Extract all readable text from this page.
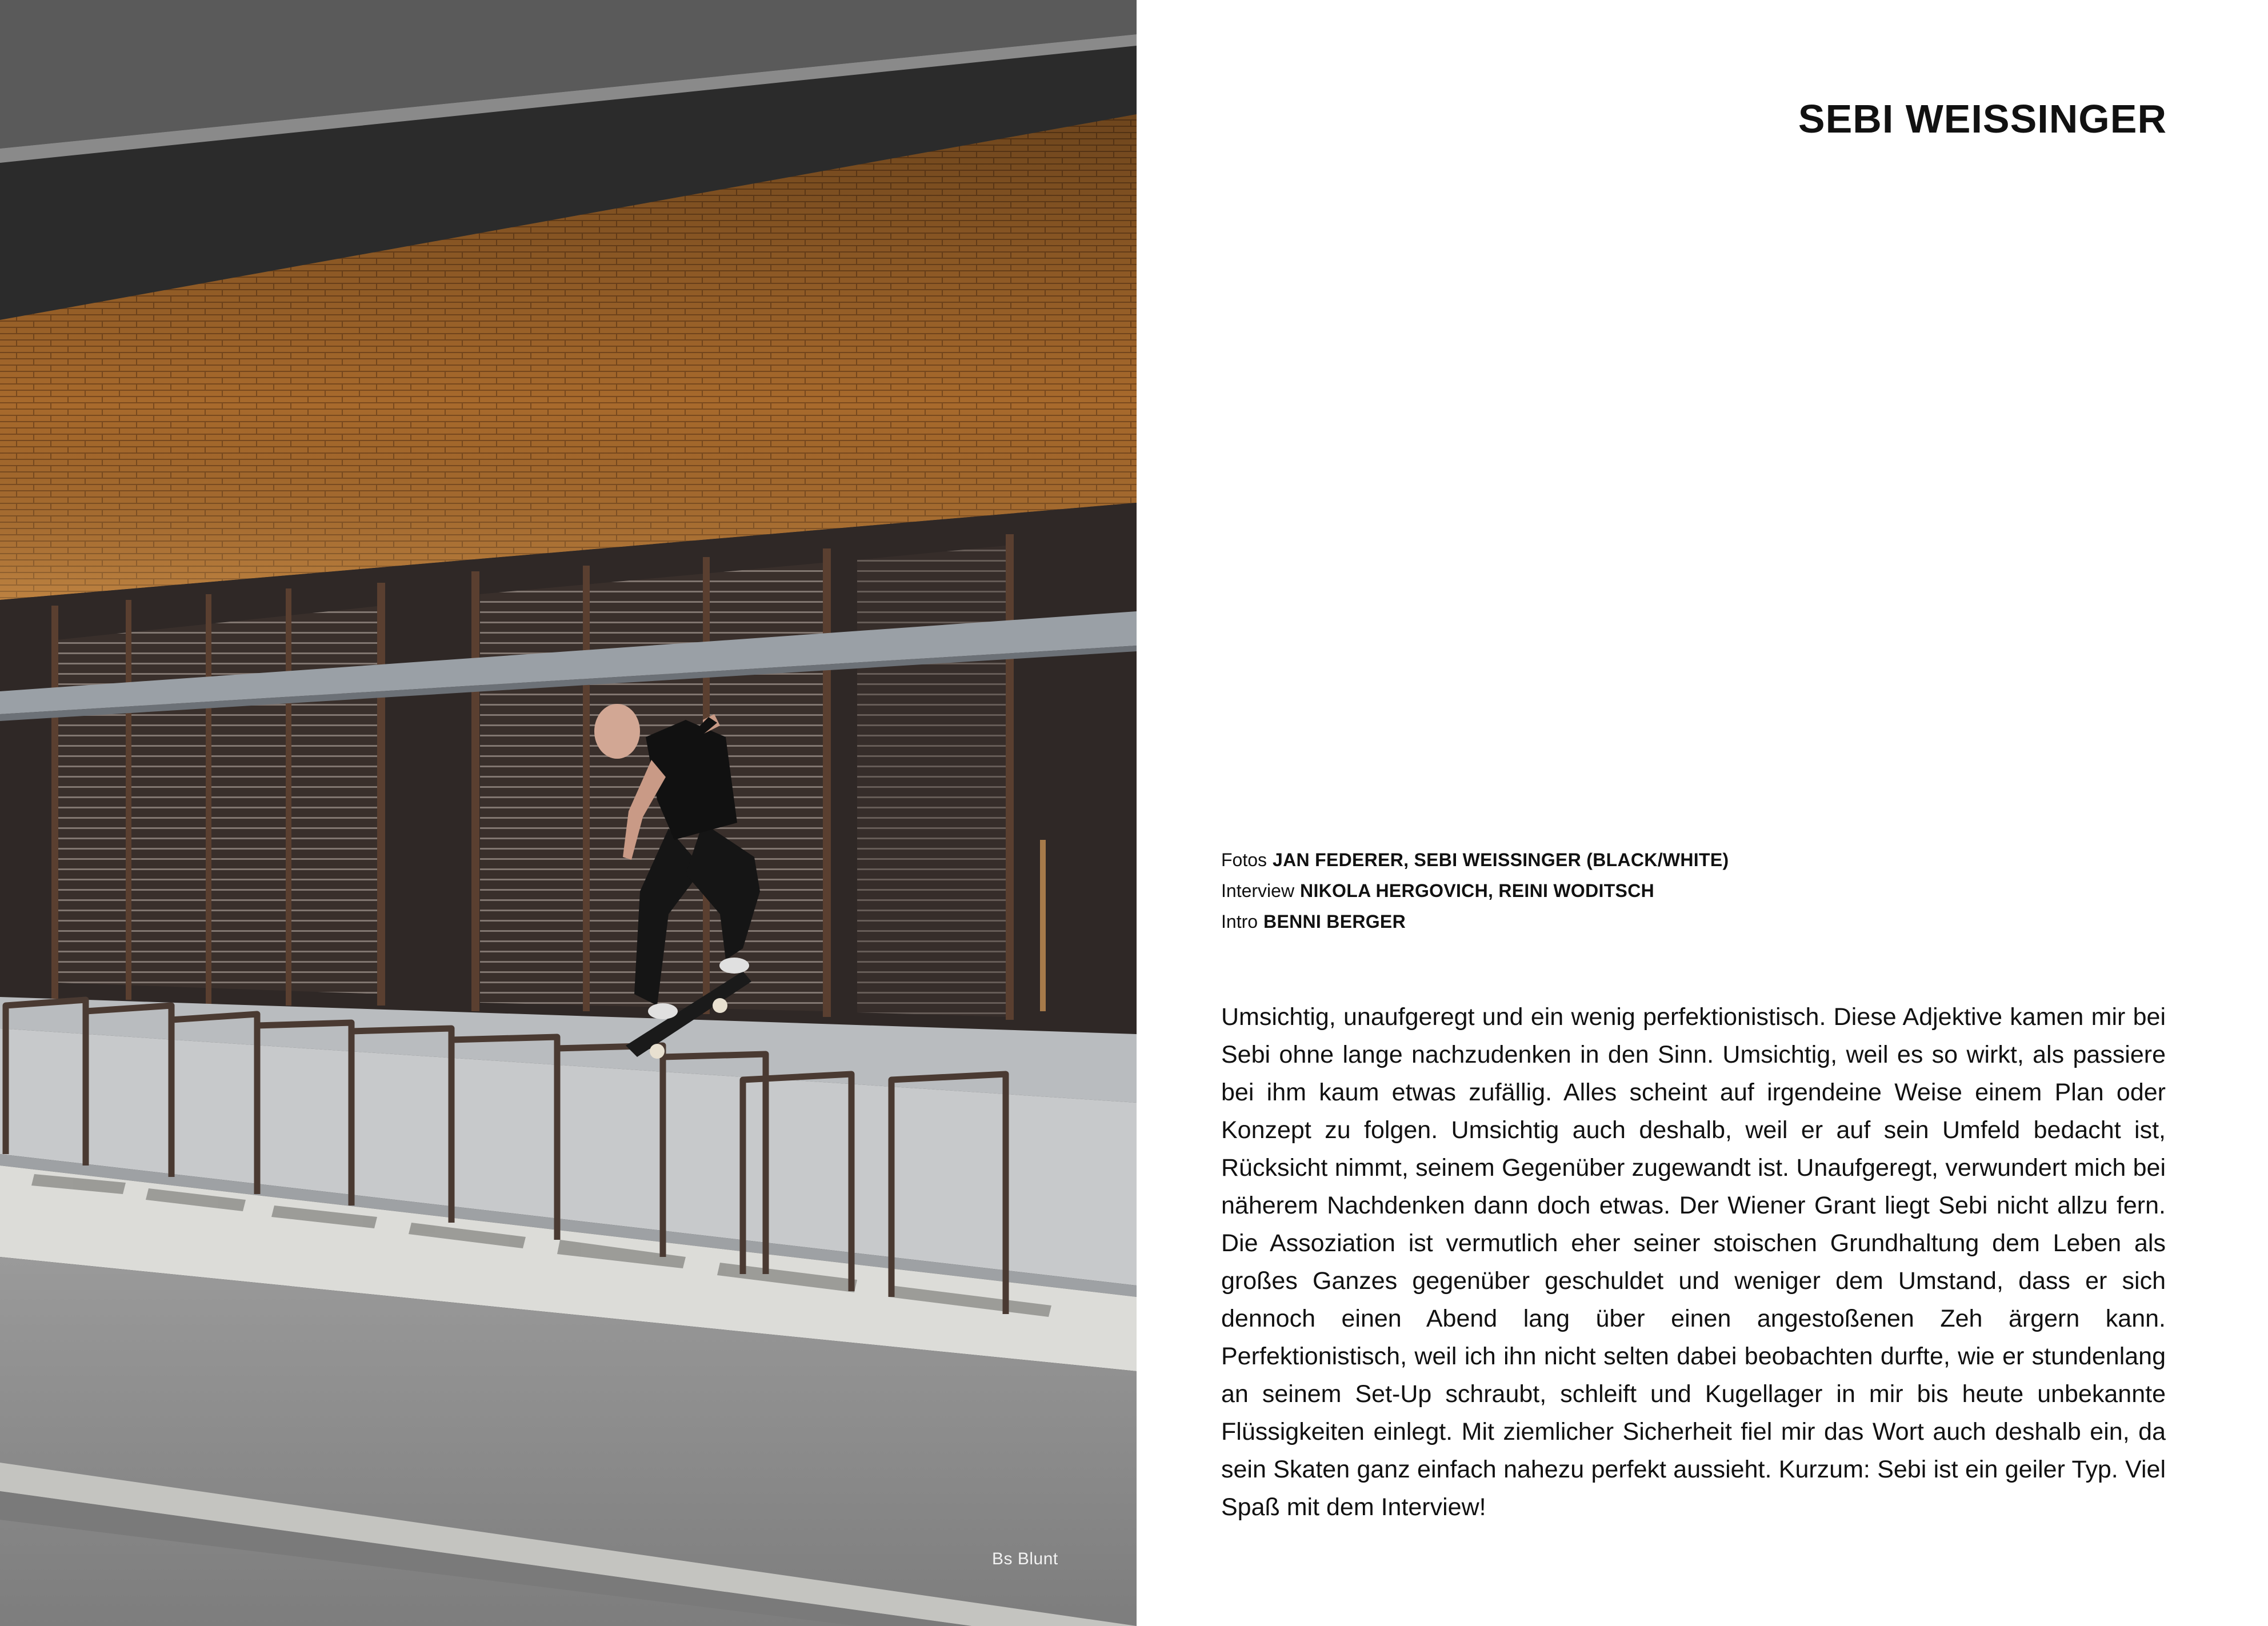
Bs Blunt
SEBI WEISSINGER
Fotos JAN FEDERER, SEBI WEISSINGER (BLACK/WHITE)
Interview NIKOLA HERGOVICH, REINI WODITSCH
Intro BENNI BERGER

Umsichtig, unaufgeregt und ein wenig perfektionistisch. Diese Adjektive kamen mir bei Sebi ohne lange nachzudenken in den Sinn. Umsichtig, weil es so wirkt, als passiere bei ihm kaum etwas zufällig. Alles scheint auf irgendeine Weise einem Plan oder Konzept zu folgen. Umsichtig auch deshalb, weil er auf sein Umfeld bedacht ist, Rücksicht nimmt, seinem Gegenüber zugewandt ist. Unaufgeregt, verwundert mich bei näherem Nachdenken dann doch etwas. Der Wiener Grant liegt Sebi nicht allzu fern. Die Assoziation ist vermutlich eher seiner stoischen Grundhaltung dem Leben als großes Ganzes gegenüber geschuldet und weniger dem Umstand, dass er sich dennoch einen Abend lang über einen angestoßenen Zeh ärgern kann. Perfektionistisch, weil ich ihn nicht selten dabei beobachten durfte, wie er stundenlang an seinem Set-Up schraubt, schleift und Kugellager in mir bis heute unbekannte Flüssigkeiten einlegt. Mit ziemlicher Sicherheit fiel mir das Wort auch deshalb ein, da sein Skaten ganz einfach nahezu perfekt aussieht. Kurzum: Sebi ist ein geiler Typ. Viel Spaß mit dem Interview!
